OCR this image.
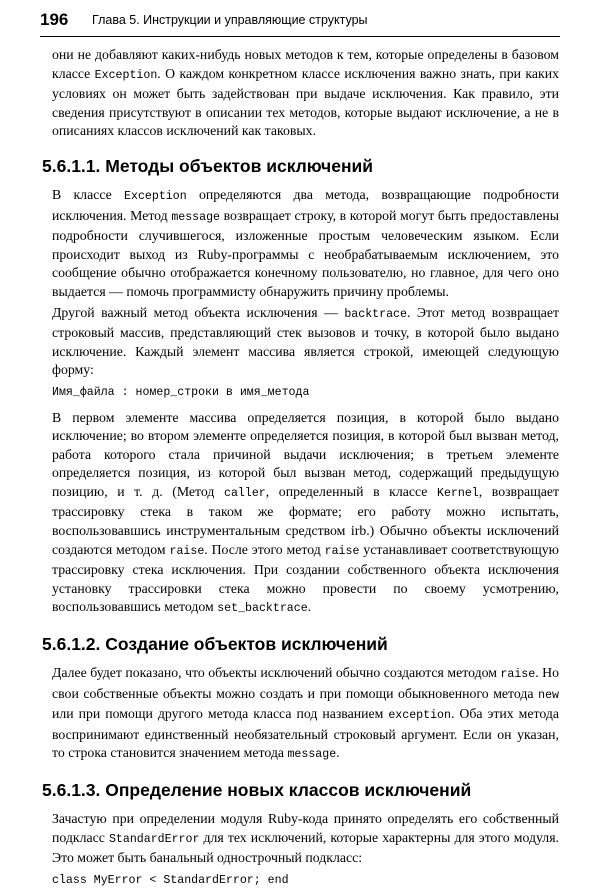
196 Глава 5. Инструкции и управляющие структуры

они не добавляют каких-нибудь новых методов к тем, которые определены в базовом классе Exception. О каждом конкретном классе исключения важно знать, при каких условиях он может быть задействован при выдаче исключения. Как правило, эти сведения присутствуют в описании тех методов, которые выдают исключение, а не в описаниях классов исключений как таковых.

5.6.1.1. Методы объектов исключений

В классе Exception определяются два метода, возвращающие подробности исключения. Метод message возвращает строку, в которой могут быть предоставлены подробности случившегося, изложенные простым человеческим языком. Если происходит выход из Ruby-программы с необрабатываемым исключением, это сообщение обычно отображается конечному пользователю, но главное, для чего оно выдается — помочь программисту обнаружить причину проблемы.

Другой важный метод объекта исключения — backtrace. Этот метод возвращает строковый массив, представляющий стек вызовов и точку, в которой было выдано исключение. Каждый элемент массива является строкой, имеющей следующую форму:

Имя_файла : номер_строки в имя_метода

В первом элементе массива определяется позиция, в которой было выдано исключение; во втором элементе определяется позиция, в которой был вызван метод, работа которого стала причиной выдачи исключения; в третьем элементе определяется позиция, из которой был вызван метод, содержащий предыдущую позицию, и т. д. (Метод caller, определенный в классе Kernel, возвращает трассировку стека в таком же формате; его работу можно испытать, воспользовавшись инструментальным средством irb.) Обычно объекты исключений создаются методом raise. После этого метод raise устанавливает соответствующую трассировку стека исключения. При создании собственного объекта исключения установку трассировки стека можно провести по своему усмотрению, воспользовавшись методом set_backtrace.

5.6.1.2. Создание объектов исключений

Далее будет показано, что объекты исключений обычно создаются методом raise. Но свои собственные объекты можно создать и при помощи обыкновенного метода new или при помощи другого метода класса под названием exception. Оба этих метода воспринимают единственный необязательный строковый аргумент. Если он указан, то строка становится значением метода message.

5.6.1.3. Определение новых классов исключений

Зачастую при определении модуля Ruby-кода принято определять его собственный подкласс StandardError для тех исключений, которые характерны для этого модуля. Это может быть банальный однострочный подкласс:

class MyError < StandardError; end
